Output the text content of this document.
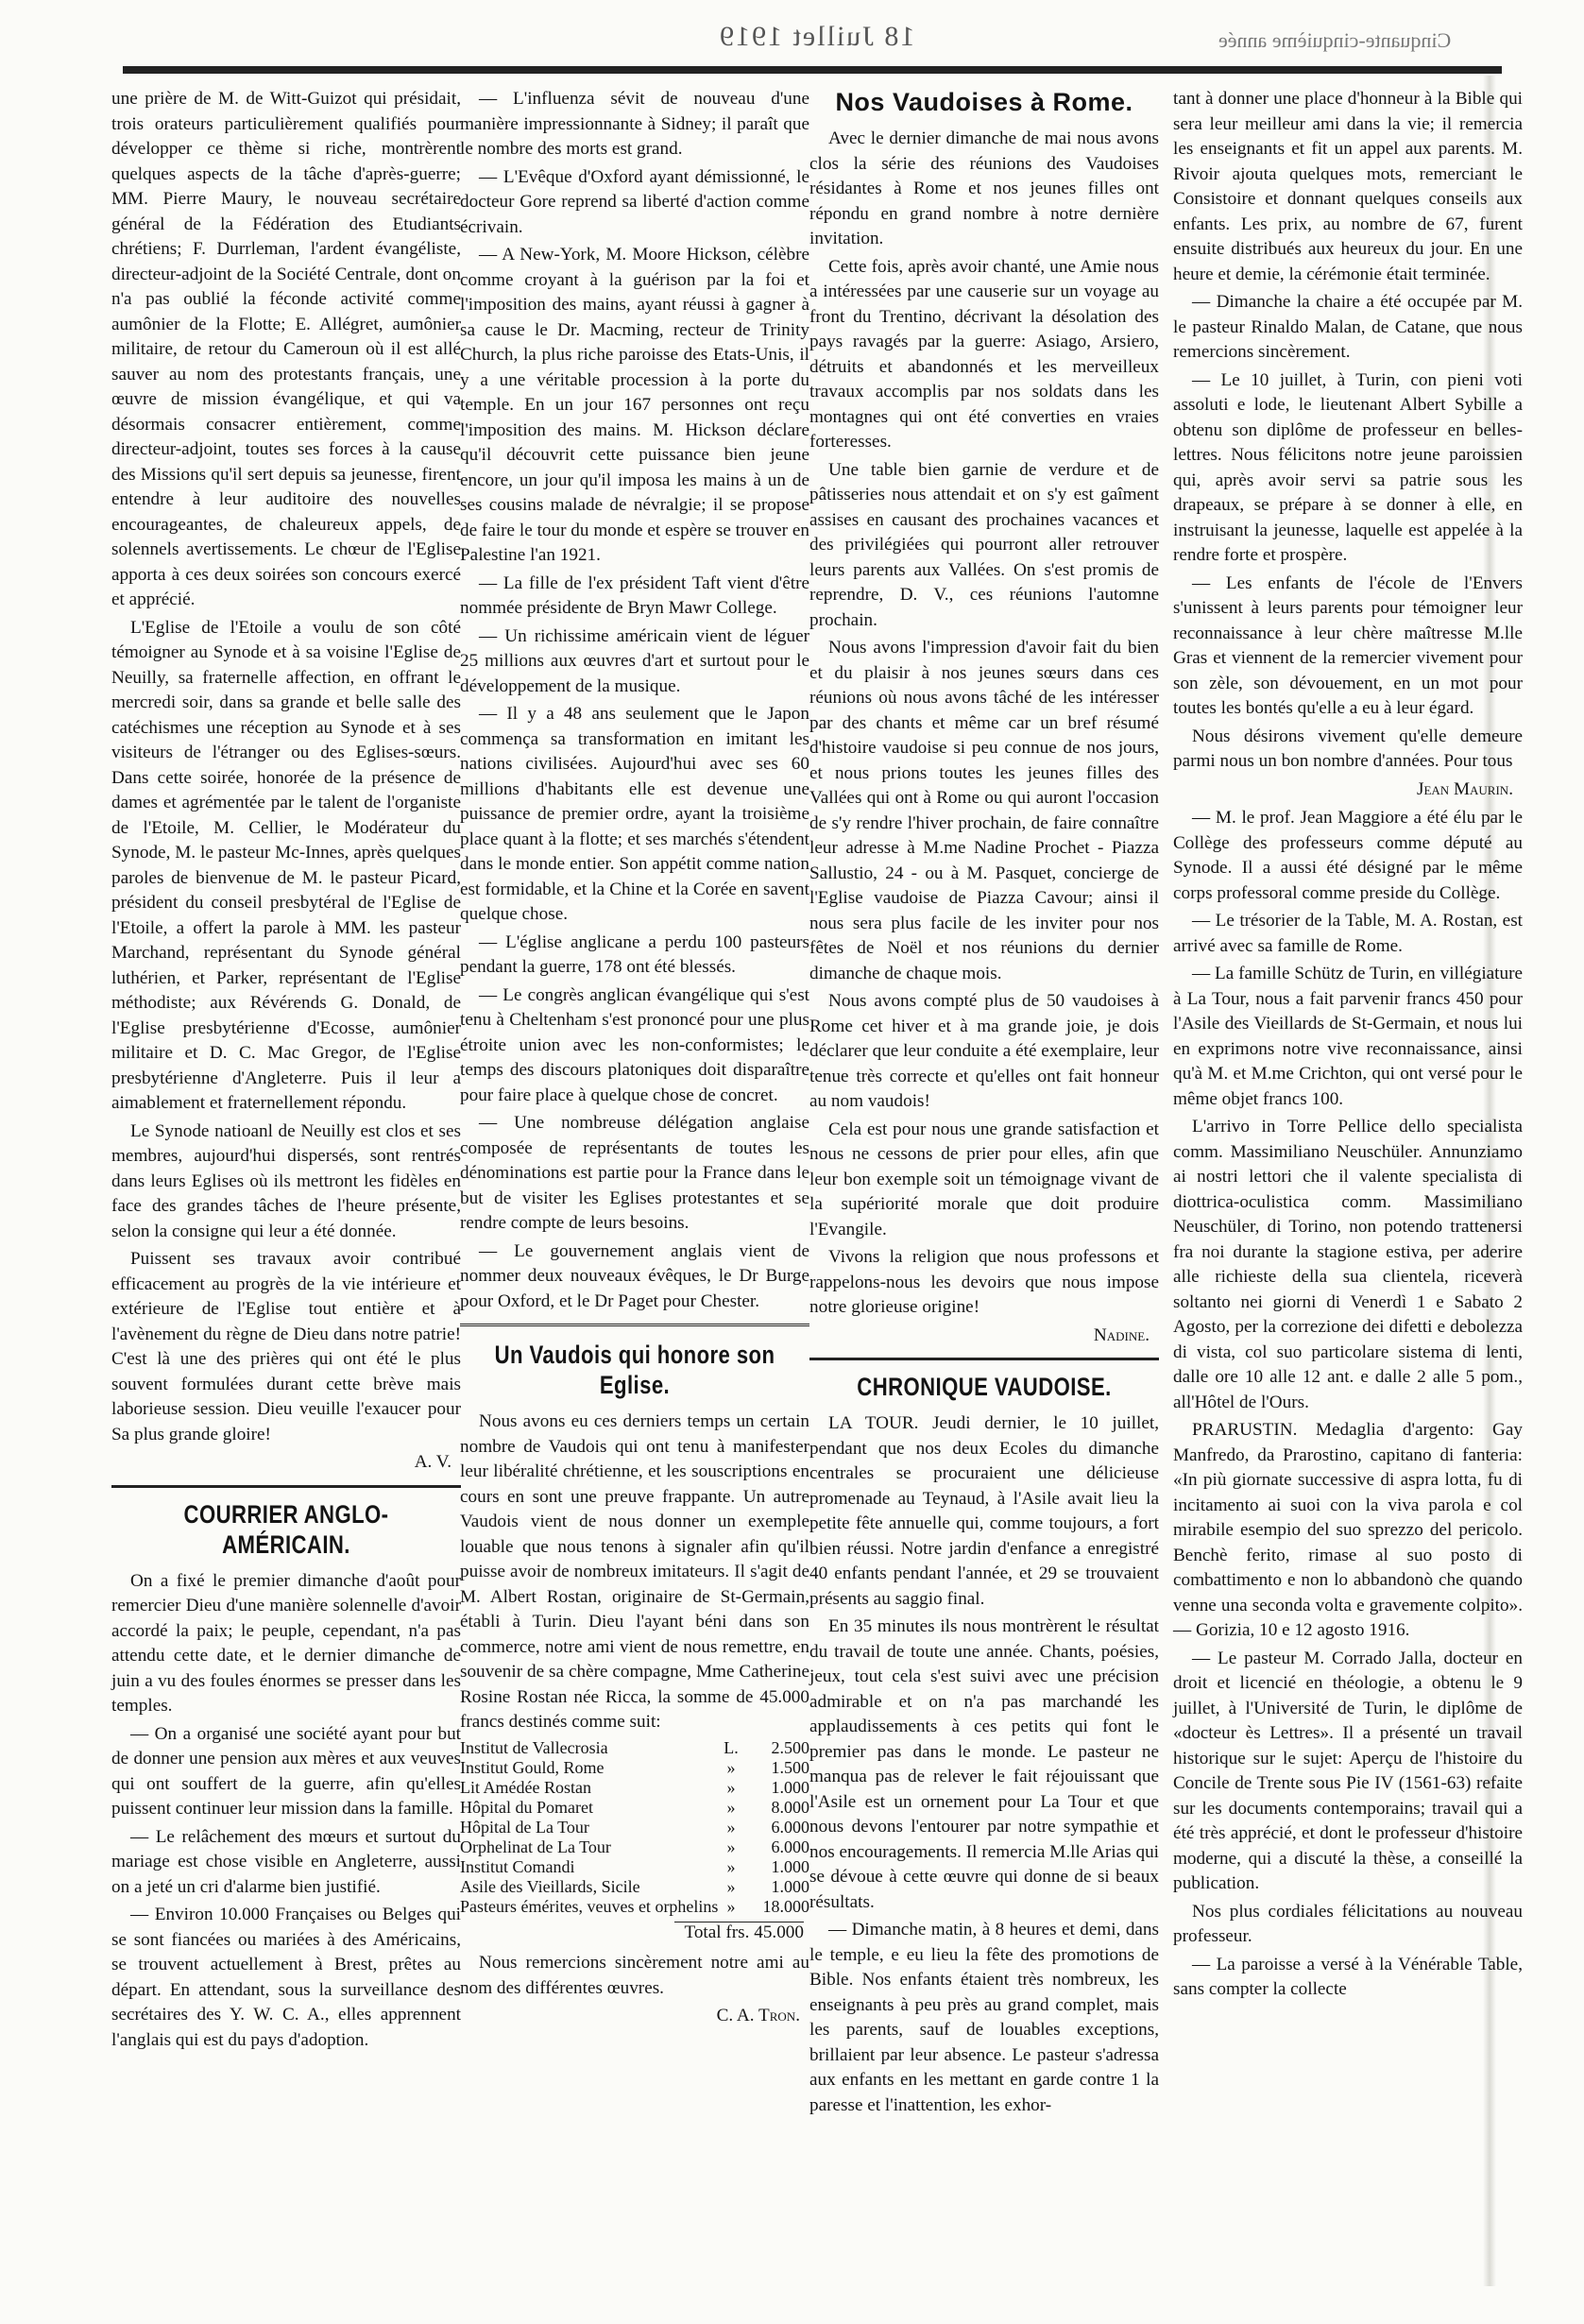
18 Juillet 1919	Cinquante-cinquième année

une prière de M. de Witt-Guizot qui présidait, trois orateurs particulièrement qualifiés pour développer ce thème si riche, montrèrent quelques aspects de la tâche d'après-guerre; MM. Pierre Maury, le nouveau secrétaire général de la Fédération des Etudiants chrétiens; F. Durrleman, l'ardent évangéliste, directeur-adjoint de la Société Centrale, dont on n'a pas oublié la féconde activité comme aumônier de la Flotte; E. Allégret, aumônier militaire, de retour du Cameroun où il est allé sauver au nom des protestants français, une œuvre de mission évangélique, et qui va désormais consacrer entièrement, comme directeur-adjoint, toutes ses forces à la cause des Missions qu'il sert depuis sa jeunesse, firent entendre à leur auditoire des nouvelles encourageantes, de chaleureux appels, de solennels avertissements. Le chœur de l'Eglise apporta à ces deux soirées son concours exercé et apprécié.

L'Eglise de l'Etoile a voulu de son côté témoigner au Synode et à sa voisine l'Eglise de Neuilly, sa fraternelle affection, en offrant le mercredi soir, dans sa grande et belle salle des catéchismes une réception au Synode et à ses visiteurs de l'étranger ou des Eglises-sœurs. Dans cette soirée, honorée de la présence de dames et agrémentée par le talent de l'organiste de l'Etoile, M. Cellier, le Modérateur du Synode, M. le pasteur Mc-Innes, après quelques paroles de bienvenue de M. le pasteur Picard, président du conseil presbytéral de l'Eglise de l'Etoile, a offert la parole à MM. les pasteur Marchand, représentant du Synode général luthérien, et Parker, représentant de l'Eglise méthodiste; aux Révérends G. Donald, de l'Eglise presbytérienne d'Ecosse, aumônier militaire et D. C. Mac Gregor, de l'Eglise presbytérienne d'Angleterre. Puis il leur a aimablement et fraternellement répondu.

Le Synode natioanl de Neuilly est clos et ses membres, aujourd'hui dispersés, sont rentrés dans leurs Eglises où ils mettront les fidèles en face des grandes tâches de l'heure présente, selon la consigne qui leur a été donnée.

Puissent ses travaux avoir contribué efficacement au progrès de la vie intérieure et extérieure de l'Eglise tout entière et à l'avènement du règne de Dieu dans notre patrie! C'est là une des prières qui ont été le plus souvent formulées durant cette brève mais laborieuse session. Dieu veuille l'exaucer pour Sa plus grande gloire!

A. V.
COURRIER ANGLO-AMÉRICAIN.

On a fixé le premier dimanche d'août pour remercier Dieu d'une manière solennelle d'avoir accordé la paix; le peuple, cependant, n'a pas attendu cette date, et le dernier dimanche de juin a vu des foules énormes se presser dans les temples.

— On a organisé une société ayant pour but de donner une pension aux mères et aux veuves qui ont souffert de la guerre, afin qu'elles puissent continuer leur mission dans la famille.

— Le relâchement des mœurs et surtout du mariage est chose visible en Angleterre, aussi on a jeté un cri d'alarme bien justifié.

— Environ 10.000 Françaises ou Belges qui se sont fiancées ou mariées à des Américains, se trouvent actuellement à Brest, prêtes au départ. En attendant, sous la surveillance des secrétaires des Y. W. C. A., elles apprennent l'anglais qui est du pays d'adoption.

— L'influenza sévit de nouveau d'une manière impressionnante à Sidney; il paraît que le nombre des morts est grand.

— L'Evêque d'Oxford ayant démissionné, le docteur Gore reprend sa liberté d'action comme écrivain.

— A New-York, M. Moore Hickson, célèbre comme croyant à la guérison par la foi et l'imposition des mains, ayant réussi à gagner à sa cause le Dr. Macming, recteur de Trinity Church, la plus riche paroisse des Etats-Unis, il y a une véritable procession à la porte du temple. En un jour 167 personnes ont reçu l'imposition des mains. M. Hickson déclare qu'il découvrit cette puissance bien jeune encore, un jour qu'il imposa les mains à un de ses cousins malade de névralgie; il se propose de faire le tour du monde et espère se trouver en Palestine l'an 1921.

— La fille de l'ex président Taft vient d'être nommée présidente de Bryn Mawr College.

— Un richissime américain vient de léguer 25 millions aux œuvres d'art et surtout pour le développement de la musique.

— Il y a 48 ans seulement que le Japon commença sa transformation en imitant les nations civilisées. Aujourd'hui avec ses 60 millions d'habitants elle est devenue une puissance de premier ordre, ayant la troisième place quant à la flotte; et ses marchés s'étendent dans le monde entier. Son appétit comme nation est formidable, et la Chine et la Corée en savent quelque chose.

— L'église anglicane a perdu 100 pasteurs pendant la guerre, 178 ont été blessés.

— Le congrès anglican évangélique qui s'est tenu à Cheltenham s'est prononcé pour une plus étroite union avec les non-conformistes; le temps des discours platoniques doit disparaître pour faire place à quelque chose de concret.

— Une nombreuse délégation anglaise composée de représentants de toutes les dénominations est partie pour la France dans le but de visiter les Eglises protestantes et se rendre compte de leurs besoins.

— Le gouvernement anglais vient de nommer deux nouveaux évêques, le Dr Burge pour Oxford, et le Dr Paget pour Chester.

Un Vaudois qui honore son Eglise.

Nous avons eu ces derniers temps un certain nombre de Vaudois qui ont tenu à manifester leur libéralité chrétienne, et les souscriptions en cours en sont une preuve frappante. Un autre Vaudois vient de nous donner un exemple louable que nous tenons à signaler afin qu'il puisse avoir de nombreux imitateurs. Il s'agit de M. Albert Rostan, originaire de St-Germain, établi à Turin. Dieu l'ayant béni dans son commerce, notre ami vient de nous remettre, en souvenir de sa chère compagne, Mme Catherine Rosine Rostan née Ricca, la somme de 45.000 francs destinés comme suit:

Institut de Vallecrosia	L.	2.500
Institut Gould, Rome	»	1.500
Lit Amédée Rostan	»	1.000
Hôpital du Pomaret	»	8.000
Hôpital de La Tour	»	6.000
Orphelinat de La Tour	»	6.000
Institut Comandi	»	1.000
Asile des Vieillards, Sicile	»	1.000
Pasteurs émérites, veuves et orphelins	»	18.000
Total frs. 45.000

Nous remercions sincèrement notre ami au nom des différentes œuvres.

C. A. Tron.
Nos Vaudoises à Rome.

Avec le dernier dimanche de mai nous avons clos la série des réunions des Vaudoises résidantes à Rome et nos jeunes filles ont répondu en grand nombre à notre dernière invitation.

Cette fois, après avoir chanté, une Amie nous a intéressées par une causerie sur un voyage au front du Trentino, décrivant la désolation des pays ravagés par la guerre: Asiago, Arsiero, détruits et abandonnés et les merveilleux travaux accomplis par nos soldats dans les montagnes qui ont été converties en vraies forteresses.

Une table bien garnie de verdure et de pâtisseries nous attendait et on s'y est gaîment assises en causant des prochaines vacances et des privilégiées qui pourront aller retrouver leurs parents aux Vallées. On s'est promis de reprendre, D. V., ces réunions l'automne prochain.

Nous avons l'impression d'avoir fait du bien et du plaisir à nos jeunes sœurs dans ces réunions où nous avons tâché de les intéresser par des chants et même car un bref résumé d'histoire vaudoise si peu connue de nos jours, et nous prions toutes les jeunes filles des Vallées qui ont à Rome ou qui auront l'occasion de s'y rendre l'hiver prochain, de faire connaître leur adresse à M.me Nadine Prochet - Piazza Sallustio, 24 - ou à M. Pasquet, concierge de l'Eglise vaudoise de Piazza Cavour; ainsi il nous sera plus facile de les inviter pour nos fêtes de Noël et nos réunions du dernier dimanche de chaque mois.

Nous avons compté plus de 50 vaudoises à Rome cet hiver et à ma grande joie, je dois déclarer que leur conduite a été exemplaire, leur tenue très correcte et qu'elles ont fait honneur au nom vaudois!

Cela est pour nous une grande satisfaction et nous ne cessons de prier pour elles, afin que leur bon exemple soit un témoignage vivant de la supériorité morale que doit produire l'Evangile.

Vivons la religion que nous professons et rappelons-nous les devoirs que nous impose notre glorieuse origine!

Nadine.
CHRONIQUE VAUDOISE.

LA TOUR. Jeudi dernier, le 10 juillet, pendant que nos deux Ecoles du dimanche centrales se procuraient une délicieuse promenade au Teynaud, à l'Asile avait lieu la petite fête annuelle qui, comme toujours, a fort bien réussi. Notre jardin d'enfance a enregistré 40 enfants pendant l'année, et 29 se trouvaient présents au saggio final.

En 35 minutes ils nous montrèrent le résultat du travail de toute une année. Chants, poésies, jeux, tout cela s'est suivi avec une précision admirable et on n'a pas marchandé les applaudissements à ces petits qui font le premier pas dans le monde. Le pasteur ne manqua pas de relever le fait réjouissant que l'Asile est un ornement pour La Tour et que nous devons l'entourer par notre sympathie et nos encouragements. Il remercia M.lle Arias qui se dévoue à cette œuvre qui donne de si beaux résultats.

— Dimanche matin, à 8 heures et demi, dans le temple, e eu lieu la fête des promotions de Bible. Nos enfants étaient très nombreux, les enseignants à peu près au grand complet, mais les parents, sauf de louables exceptions, brillaient par leur absence. Le pasteur s'adressa aux enfants en les mettant en garde contre 1 la paresse et l'inattention, les exhor-

tant à donner une place d'honneur à la Bible qui sera leur meilleur ami dans la vie; il remercia les enseignants et fit un appel aux parents. M. Rivoir ajouta quelques mots, remerciant le Consistoire et donnant quelques conseils aux enfants. Les prix, au nombre de 67, furent ensuite distribués aux heureux du jour. En une heure et demie, la cérémonie était terminée.

— Dimanche la chaire a été occupée par M. le pasteur Rinaldo Malan, de Catane, que nous remercions sincèrement.

— Le 10 juillet, à Turin, con pieni voti assoluti e lode, le lieutenant Albert Sybille a obtenu son diplôme de professeur en belles-lettres. Nous félicitons notre jeune paroissien qui, après avoir servi sa patrie sous les drapeaux, se prépare à se donner à elle, en instruisant la jeunesse, laquelle est appelée à la rendre forte et prospère.

— Les enfants de l'école de l'Envers s'unissent à leurs parents pour témoigner leur reconnaissance à leur chère maîtresse M.lle Gras et viennent de la remercier vivement pour son zèle, son dévouement, en un mot pour toutes les bontés qu'elle a eu à leur égard.

Nous désirons vivement qu'elle demeure parmi nous un bon nombre d'années. Pour tous

Jean Maurin.

— M. le prof. Jean Maggiore a été élu par le Collège des professeurs comme député au Synode. Il a aussi été désigné par le même corps professoral comme preside du Collège.

— Le trésorier de la Table, M. A. Rostan, est arrivé avec sa famille de Rome.

— La famille Schütz de Turin, en villégiature à La Tour, nous a fait parvenir francs 450 pour l'Asile des Vieillards de St-Germain, et nous lui en exprimons notre vive reconnaissance, ainsi qu'à M. et M.me Crichton, qui ont versé pour le même objet francs 100.

L'arrivo in Torre Pellice dello specialista comm. Massimiliano Neuschüler. Annunziamo ai nostri lettori che il valente specialista di diottrica-oculistica comm. Massimiliano Neuschüler, di Torino, non potendo trattenersi fra noi durante la stagione estiva, per aderire alle richieste della sua clientela, riceverà soltanto nei giorni di Venerdì 1 e Sabato 2 Agosto, per la correzione dei difetti e debolezza di vista, col suo particolare sistema di lenti, dalle ore 10 alle 12 ant. e dalle 2 alle 5 pom., all'Hôtel de l'Ours.

PRARUSTIN. Medaglia d'argento: Gay Manfredo, da Prarostino, capitano di fanteria: «In più giornate successive di aspra lotta, fu di incitamento ai suoi con la viva parola e col mirabile esempio del suo sprezzo del pericolo. Benchè ferito, rimase al suo posto di combattimento e non lo abbandonò che quando venne una seconda volta e gravemente colpito». — Gorizia, 10 e 12 agosto 1916.

— Le pasteur M. Corrado Jalla, docteur en droit et licencié en théologie, a obtenu le 9 juillet, à l'Université de Turin, le diplôme de «docteur ès Lettres». Il a présenté un travail historique sur le sujet: Aperçu de l'histoire du Concile de Trente sous Pie IV (1561-63) refaite sur les documents contemporains; travail qui a été très apprécié, et dont le professeur d'histoire moderne, qui a discuté la thèse, a conseillé la publication.

Nos plus cordiales félicitations au nouveau professeur.

— La paroisse a versé à la Vénérable Table, sans compter la collecte
